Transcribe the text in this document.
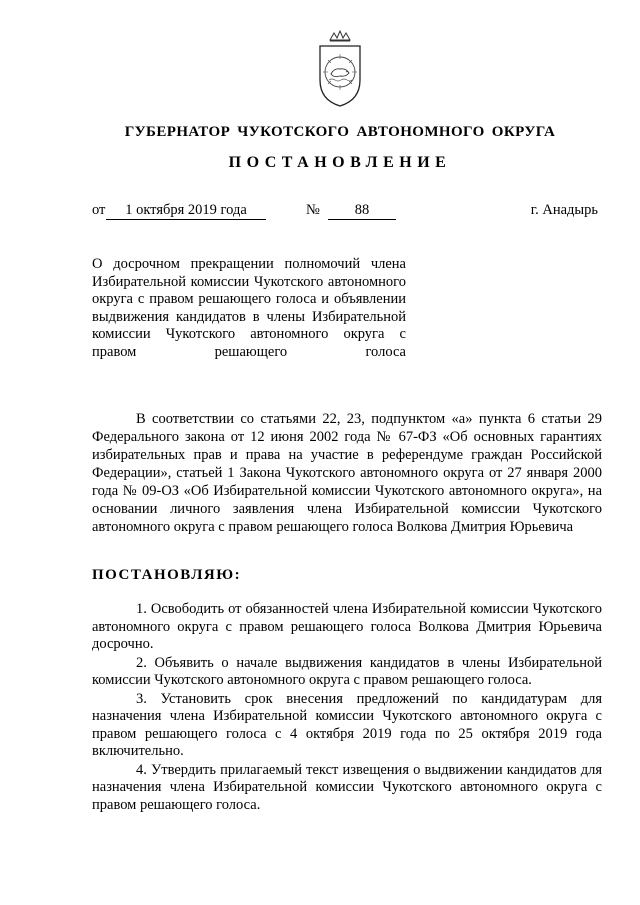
ГУБЕРНАТОР ЧУКОТСКОГО АВТОНОМНОГО ОКРУГА
ПОСТАНОВЛЕНИЕ
от	1 октября 2019 года	№	88	г. Анадырь
О досрочном прекращении полномочий члена Избирательной комиссии Чукотского автономного округа с правом решающего голоса и объявлении выдвижения кандидатов в члены Избирательной комиссии Чукотского автономного округа с правом решающего голоса
В соответствии со статьями 22, 23, подпунктом «а» пункта 6 статьи 29 Федерального закона от 12 июня 2002 года № 67-ФЗ «Об основных гарантиях избирательных прав и права на участие в референдуме граждан Российской Федерации», статьей 1 Закона Чукотского автономного округа от 27 января 2000 года № 09-ОЗ «Об Избирательной комиссии Чукотского автономного округа», на основании личного заявления члена Избирательной комиссии Чукотского автономного округа с правом решающего голоса Волкова Дмитрия Юрьевича
ПОСТАНОВЛЯЮ:

1. Освободить от обязанностей члена Избирательной комиссии Чукотского автономного округа с правом решающего голоса Волкова Дмитрия Юрьевича досрочно.

2. Объявить о начале выдвижения кандидатов в члены Избирательной комиссии Чукотского автономного округа с правом решающего голоса.

3. Установить срок внесения предложений по кандидатурам для назначения члена Избирательной комиссии Чукотского автономного округа с правом решающего голоса с 4 октября 2019 года по 25 октября 2019 года включительно.

4. Утвердить прилагаемый текст извещения о выдвижении кандидатов для назначения члена Избирательной комиссии Чукотского автономного округа с правом решающего голоса.
